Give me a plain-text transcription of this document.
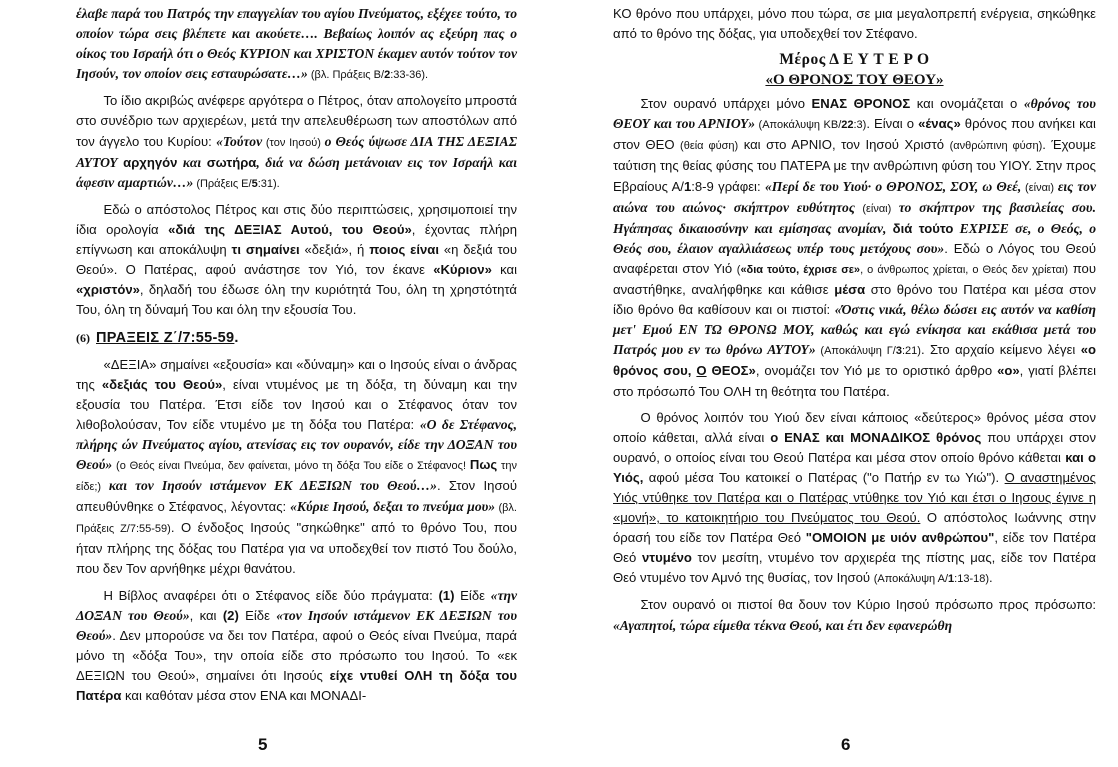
έλαβε παρά του Πατρός την επαγγελίαν του αγίου Πνεύματος, εξέχεε τούτο, το οποίον τώρα σεις βλέπετε και ακούετε…. Βεβαίως λοιπόν ας εξεύρη πας ο οίκος του Ισραήλ ότι ο Θεός ΚΥΡΙΟΝ και ΧΡΙΣΤΟΝ έκαμεν αυτόν τούτον τον Ιησούν, τον οποίον σεις εσταυρώσατε…» (βλ. Πράξεις Β/2:33-36).

Το ίδιο ακριβώς ανέφερε αργότερα ο Πέτρος, όταν απολογείτο μπροστά στο συνέδριο των αρχιερέων, μετά την απελευθέρωση των αποστόλων από τον άγγελο του Κυρίου: «Τούτον (τον Ιησού) ο Θεός ύψωσε ΔΙΑ ΤΗΣ ΔΕΞΙΑΣ ΑΥΤΟΥ αρχηγόν και σωτήρα, διά να δώση μετάνοιαν εις τον Ισραήλ και άφεσιν αμαρτιών…» (Πράξεις Ε/5:31).

Εδώ ο απόστολος Πέτρος και στις δύο περιπτώσεις, χρησιμοποιεί την ίδια ορολογία «διά της ΔΕΞΙΑΣ Αυτού, του Θεού», έχοντας πλήρη επίγνωση και αποκάλυψη τι σημαίνει «δεξιά», ή ποιος είναι «η δεξιά του Θεού». Ο Πατέρας, αφού ανάστησε τον Υιό, τον έκανε «Κύριον» και «χριστόν», δηλαδή του έδωσε όλη την κυριότητά Του, όλη τη χρηστότητά Του, όλη τη δύναμή Του και όλη την εξουσία Του.

(6) ΠΡΑΞΕΙΣ Ζ΄/7:55-59.

«ΔΕΞΙΑ» σημαίνει «εξουσία» και «δύναμη» και ο Ιησούς είναι ο άνδρας της «δεξιάς του Θεού», είναι ντυμένος με τη δόξα, τη δύναμη και την εξουσία του Πατέρα. Έτσι είδε τον Ιησού και ο Στέφανος όταν τον λιθοβολούσαν, Τον είδε ντυμένο με τη δόξα του Πατέρα: «Ο δε Στέφανος, πλήρης ών Πνεύματος αγίου, ατενίσας εις τον ουρανόν, είδε την ΔΟΞΑΝ του Θεού» (ο Θεός είναι Πνεύμα, δεν φαίνεται, μόνο τη δόξα Του είδε ο Στέφανος! Πως την είδε;) και τον Ιησούν ιστάμενον ΕΚ ΔΕΞΙΩΝ του Θεού…». Στον Ιησού απευθύνθηκε ο Στέφανος, λέγοντας: «Κύριε Ιησού, δεξαι το πνεύμα μου» (βλ. Πράξεις Ζ/7:55-59). Ο ένδοξος Ιησούς "σηκώθηκε" από το θρόνο Του, που ήταν πλήρης της δόξας του Πατέρα για να υποδεχθεί τον πιστό Του δούλο, που δεν Τον αρνήθηκε μέχρι θανάτου.

Η Βίβλος αναφέρει ότι ο Στέφανος είδε δύο πράγματα: (1) Είδε «την ΔΟΞΑΝ του Θεού», και (2) Είδε «τον Ιησούν ιστάμενον ΕΚ ΔΕΞΙΩΝ του Θεού». Δεν μπορούσε να δει τον Πατέρα, αφού ο Θεός είναι Πνεύμα, παρά μόνο τη «δόξα Του», την οποία είδε στο πρόσωπο του Ιησού. Το «εκ ΔΕΞΙΩΝ του Θεού», σημαίνει ότι Ιησούς είχε ντυθεί ΟΛΗ τη δόξα του Πατέρα και καθόταν μέσα στον ΕΝΑ και ΜΟΝΑΔΙ-

5

ΚΟ θρόνο που υπάρχει, μόνο που τώρα, σε μια μεγαλοπρεπή ενέργεια, σηκώθηκε από το θρόνο της δόξας, για υποδεχθεί τον Στέφανο.

Μέρος Δ Ε Υ Τ Ε Ρ Ο
«Ο ΘΡΟΝΟΣ ΤΟΥ ΘΕΟΥ»

Στον ουρανό υπάρχει μόνο ΕΝΑΣ ΘΡΟΝΟΣ και ονομάζεται ο «θρόνος του ΘΕΟΥ και του ΑΡΝΙΟΥ» (Αποκάλυψη ΚΒ/22:3). Είναι ο «ένας» θρόνος που ανήκει και στον ΘΕΟ (θεία φύση) και στο ΑΡΝΙΟ, τον Ιησού Χριστό (ανθρώπινη φύση). Έχουμε ταύτιση της θείας φύσης του ΠΑΤΕΡΑ με την ανθρώπινη φύση του ΥΙΟΥ. Στην προς Εβραίους Α/1:8-9 γράφει: «Περί δε του Υιού· ο ΘΡΟΝΟΣ, ΣΟΥ, ω Θεέ, (είναι) εις τον αιώνα του αιώνος· σκήπτρον ευθύτητος (είναι) το σκήπτρον της βασιλείας σου. Ηγάπησας δικαιοσύνην και εμίσησας ανομίαν, διά τούτο ΕΧΡΙΣΕ σε, ο Θεός, ο Θεός σου, έλαιον αγαλλιάσεως υπέρ τους μετόχους σου». Εδώ ο Λόγος του Θεού αναφέρεται στον Υιό («δια τούτο, έχρισε σε», ο άνθρωπος χρίεται, ο Θεός δεν χρίεται) που αναστήθηκε, αναλήφθηκε και κάθισε μέσα στο θρόνο του Πατέρα και μέσα στον ίδιο θρόνο θα καθίσουν και οι πιστοί: «Όστις νικά, θέλω δώσει εις αυτόν να καθίση μετ' Εμού ΕΝ ΤΩ ΘΡΟΝΩ ΜΟΥ, καθώς και εγώ ενίκησα και εκάθισα μετά του Πατρός μου εν τω θρόνω ΑΥΤΟΥ» (Αποκάλυψη Γ/3:21). Στο αρχαίο κείμενο λέγει «ο θρόνος σου, Ο ΘΕΟΣ», ονομάζει τον Υιό με το οριστικό άρθρο «ο», γιατί βλέπει στο πρόσωπό Του ΟΛΗ τη θεότητα του Πατέρα.

Ο θρόνος λοιπόν του Υιού δεν είναι κάποιος «δεύτερος» θρόνος μέσα στον οποίο κάθεται, αλλά είναι ο ΕΝΑΣ και ΜΟΝΑΔΙΚΟΣ θρόνος που υπάρχει στον ουρανό, ο οποίος είναι του Θεού Πατέρα και μέσα στον οποίο θρόνο κάθεται και ο Υιός, αφού μέσα Του κατοικεί ο Πατέρας ("ο Πατήρ εν τω Υιώ"). Ο αναστημένος Υιός ντύθηκε τον Πατέρα και ο Πατέρας ντύθηκε τον Υιό και έτσι ο Ιησους έγινε η «μονή», το κατοικητήριο του Πνεύματος του Θεού. Ο απόστολος Ιωάννης στην όρασή του είδε τον Πατέρα Θεό "ΟΜΟΙΟΝ με υιόν ανθρώπου", είδε τον Πατέρα Θεό ντυμένο τον μεσίτη, ντυμένο τον αρχιερέα της πίστης μας, είδε τον Πατέρα Θεό ντυμένο τον Αμνό της θυσίας, τον Ιησού (Αποκάλυψη Α/1:13-18).

Στον ουρανό οι πιστοί θα δουν τον Κύριο Ιησού πρόσωπο προς πρόσωπο: «Αγαπητοί, τώρα είμεθα τέκνα Θεού, και έτι δεν εφανερώθη

6
